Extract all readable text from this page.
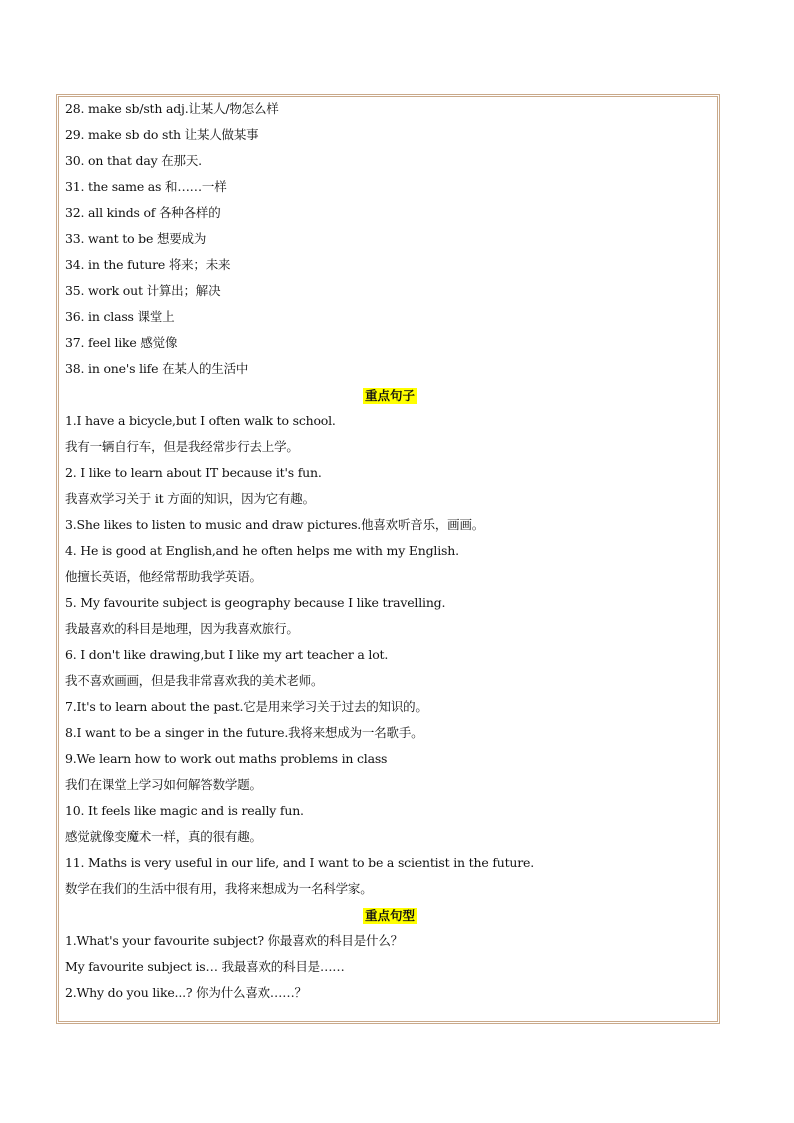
28. make sb/sth adj.让某人/物怎么样
29. make sb do sth 让某人做某事
30. on that day 在那天.
31. the same as 和……一样
32. all kinds of 各种各样的
33. want to be 想要成为
34. in the future 将来；未来
35. work out 计算出；解决
36. in class 课堂上
37. feel like 感觉像
38. in one's life 在某人的生活中
重点句子
1.I have a bicycle,but I often walk to school.
我有一辆自行车，但是我经常步行去上学。
2. I like to learn about IT because it's fun.
我喜欢学习关于 it 方面的知识，因为它有趣。
3.She likes to listen to music and draw pictures.他喜欢听音乐，画画。
4. He is good at English,and he often helps me with my English.
他擅长英语，他经常帮助我学英语。
5. My favourite subject is geography because I like travelling.
我最喜欢的科目是地理，因为我喜欢旅行。
6. I don't like drawing,but I like my art teacher a lot.
我不喜欢画画，但是我非常喜欢我的美术老师。
7.It's to learn about the past.它是用来学习关于过去的知识的。
8.I want to be a singer in the future.我将来想成为一名歌手。
9.We learn how to work out maths problems in class
我们在课堂上学习如何解答数学题。
10. It feels like magic and is really fun.
感觉就像变魔术一样，真的很有趣。
11. Maths is very useful in our life, and I want to be a scientist in the future.
数学在我们的生活中很有用，我将来想成为一名科学家。
重点句型
1.What's your favourite subject? 你最喜欢的科目是什么？
My favourite subject is… 我最喜欢的科目是……
2.Why do you like...? 你为什么喜欢……？
